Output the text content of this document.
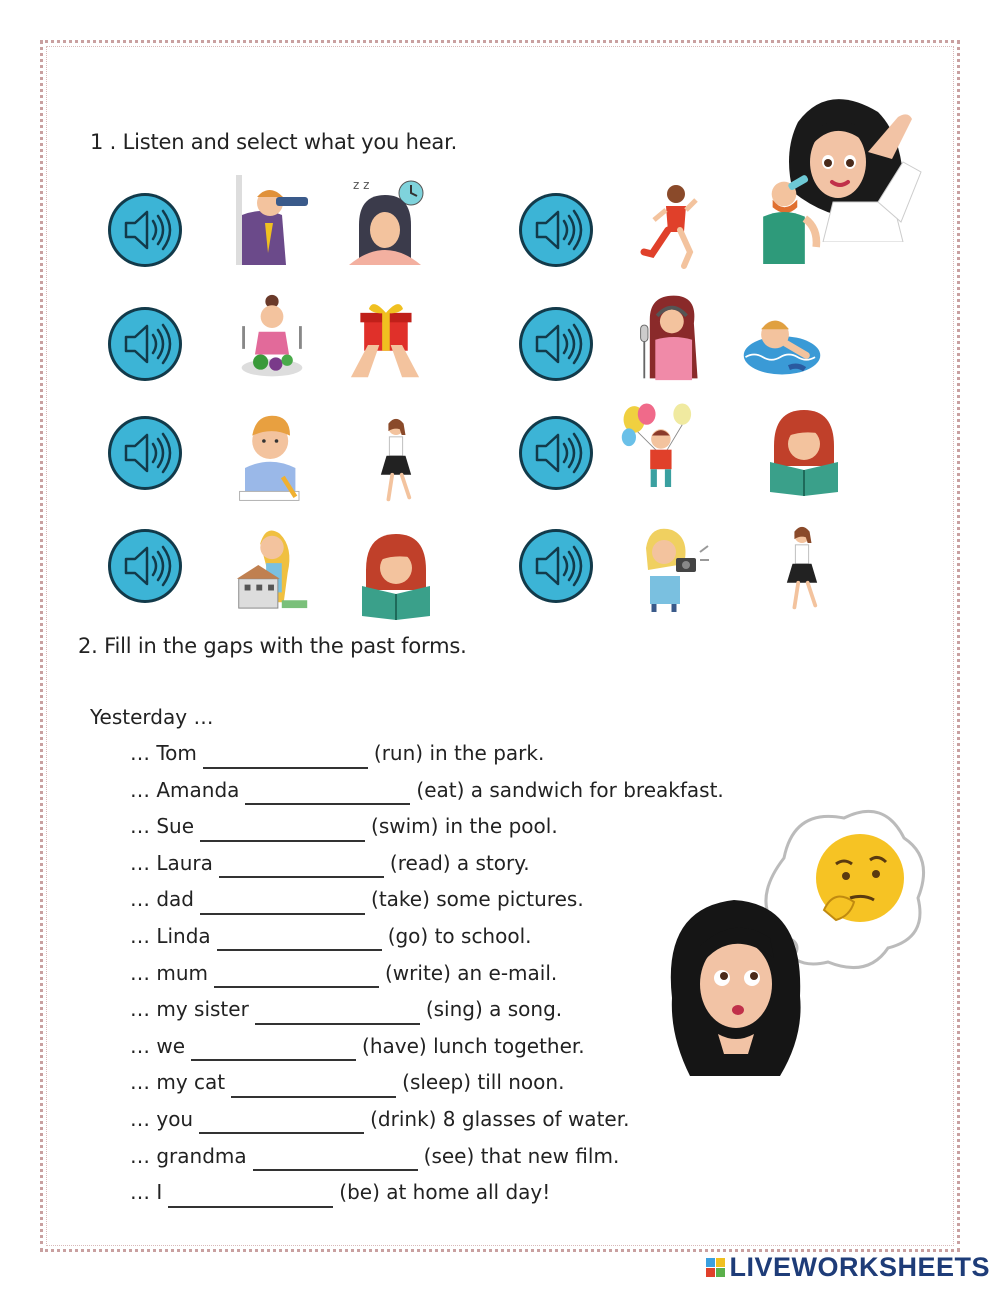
1 . Listen and select what you hear.
z z
2. Fill in the gaps with the past forms.
Yesterday …
… Tom	(run) in the park.
… Amanda	(eat) a sandwich for breakfast.
… Sue	(swim) in the pool.
… Laura	(read) a story.
… dad	(take) some pictures.
… Linda	(go) to school.
… mum	(write) an e-mail.
… my sister	(sing) a song.
… we	(have) lunch together.
… my cat	(sleep) till noon.
… you	(drink) 8 glasses of water.
… grandma	(see) that new film.
… I	(be) at home all day!
LIVEWORKSHEETS
